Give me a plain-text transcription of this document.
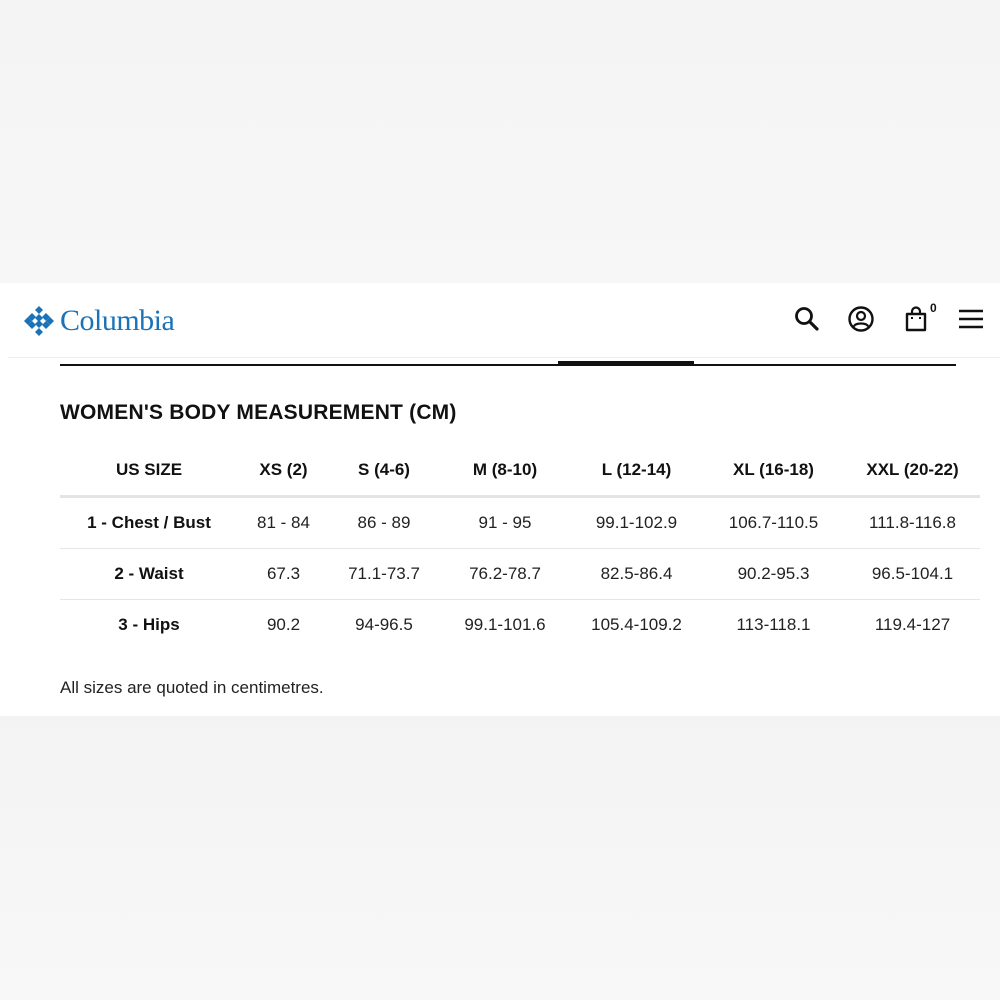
Columbia	0
WOMEN'S BODY MEASUREMENT (CM)
US SIZE	XS (2)	S (4-6)	M (8-10)	L (12-14)	XL (16-18)	XXL (20-22)
1 - Chest / Bust	81 - 84	86 - 89	91 - 95	99.1-102.9	106.7-110.5	111.8-116.8
2 - Waist	67.3	71.1-73.7	76.2-78.7	82.5-86.4	90.2-95.3	96.5-104.1
3 - Hips	90.2	94-96.5	99.1-101.6	105.4-109.2	113-118.1	119.4-127
All sizes are quoted in centimetres.
